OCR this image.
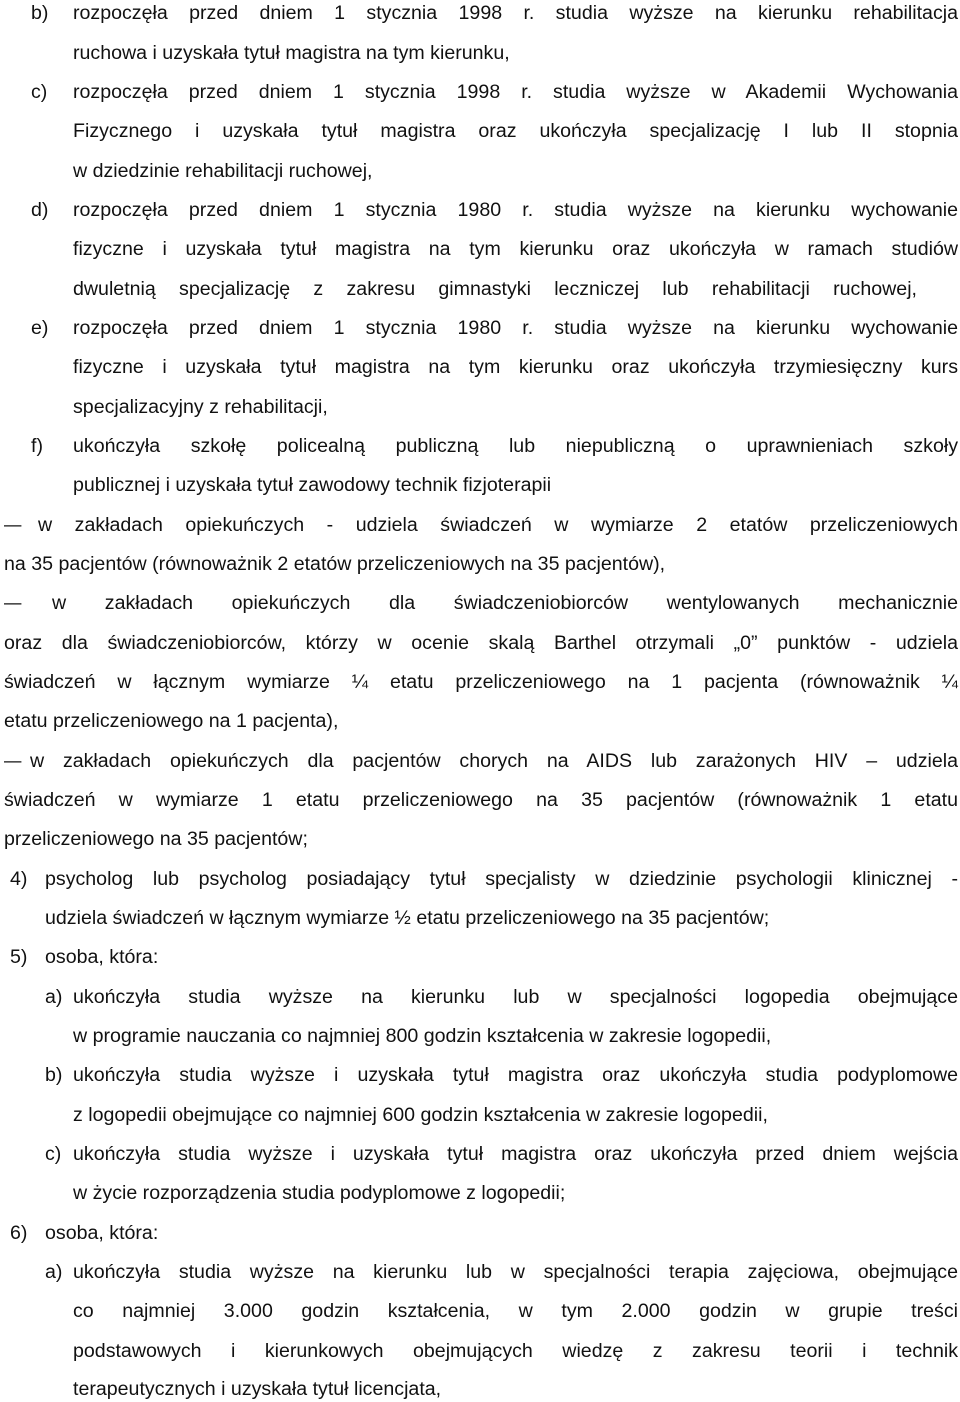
b) rozpoczęła przed dniem 1 stycznia 1998 r. studia wyższe na kierunku rehabilitacja
ruchowa i uzyskała tytuł magistra na tym kierunku,
c) rozpoczęła przed dniem 1 stycznia 1998 r. studia wyższe w Akademii Wychowania
Fizycznego i uzyskała tytuł magistra oraz ukończyła specjalizację I lub II stopnia
w dziedzinie rehabilitacji ruchowej,
d) rozpoczęła przed dniem 1 stycznia 1980 r. studia wyższe na kierunku wychowanie
fizyczne i uzyskała tytuł magistra na tym kierunku oraz ukończyła w ramach studiów
dwuletnią specjalizację z zakresu gimnastyki leczniczej lub rehabilitacji ruchowej,
e) rozpoczęła przed dniem 1 stycznia 1980 r. studia wyższe na kierunku wychowanie
fizyczne i uzyskała tytuł magistra na tym kierunku oraz ukończyła trzymiesięczny kurs
specjalizacyjny z rehabilitacji,
f) ukończyła szkołę policealną publiczną lub niepubliczną o uprawnieniach szkoły
publicznej i uzyskała tytuł zawodowy technik fizjoterapii
– w zakładach opiekuńczych - udziela świadczeń w wymiarze 2 etatów przeliczeniowych
na 35 pacjentów (równoważnik 2 etatów przeliczeniowych na 35 pacjentów),
– w zakładach opiekuńczych dla świadczeniobiorców wentylowanych mechanicznie
oraz dla świadczeniobiorców, którzy w ocenie skalą Barthel otrzymali „0” punktów - udziela
świadczeń w łącznym wymiarze ¼ etatu przeliczeniowego na 1 pacjenta (równoważnik ¼
etatu przeliczeniowego na 1 pacjenta),
– w zakładach opiekuńczych dla pacjentów chorych na AIDS lub zarażonych HIV – udziela
świadczeń w wymiarze 1 etatu przeliczeniowego na 35 pacjentów (równoważnik 1 etatu
przeliczeniowego na 35 pacjentów;
4) psycholog lub psycholog posiadający tytuł specjalisty w dziedzinie psychologii klinicznej -
udziela świadczeń w łącznym wymiarze ½ etatu przeliczeniowego na 35 pacjentów;
5) osoba, która:
a) ukończyła studia wyższe na kierunku lub w specjalności logopedia obejmujące
w programie nauczania co najmniej 800 godzin kształcenia w zakresie logopedii,
b) ukończyła studia wyższe i uzyskała tytuł magistra oraz ukończyła studia podyplomowe
z logopedii obejmujące co najmniej 600 godzin kształcenia w zakresie logopedii,
c) ukończyła studia wyższe i uzyskała tytuł magistra oraz ukończyła przed dniem wejścia
w życie rozporządzenia studia podyplomowe z logopedii;
6) osoba, która:
a) ukończyła studia wyższe na kierunku lub w specjalności terapia zajęciowa, obejmujące
co najmniej 3.000 godzin kształcenia, w tym 2.000 godzin w grupie treści
podstawowych i kierunkowych obejmujących wiedzę z zakresu teorii i technik
terapeutycznych i uzyskała tytuł licencjata,
